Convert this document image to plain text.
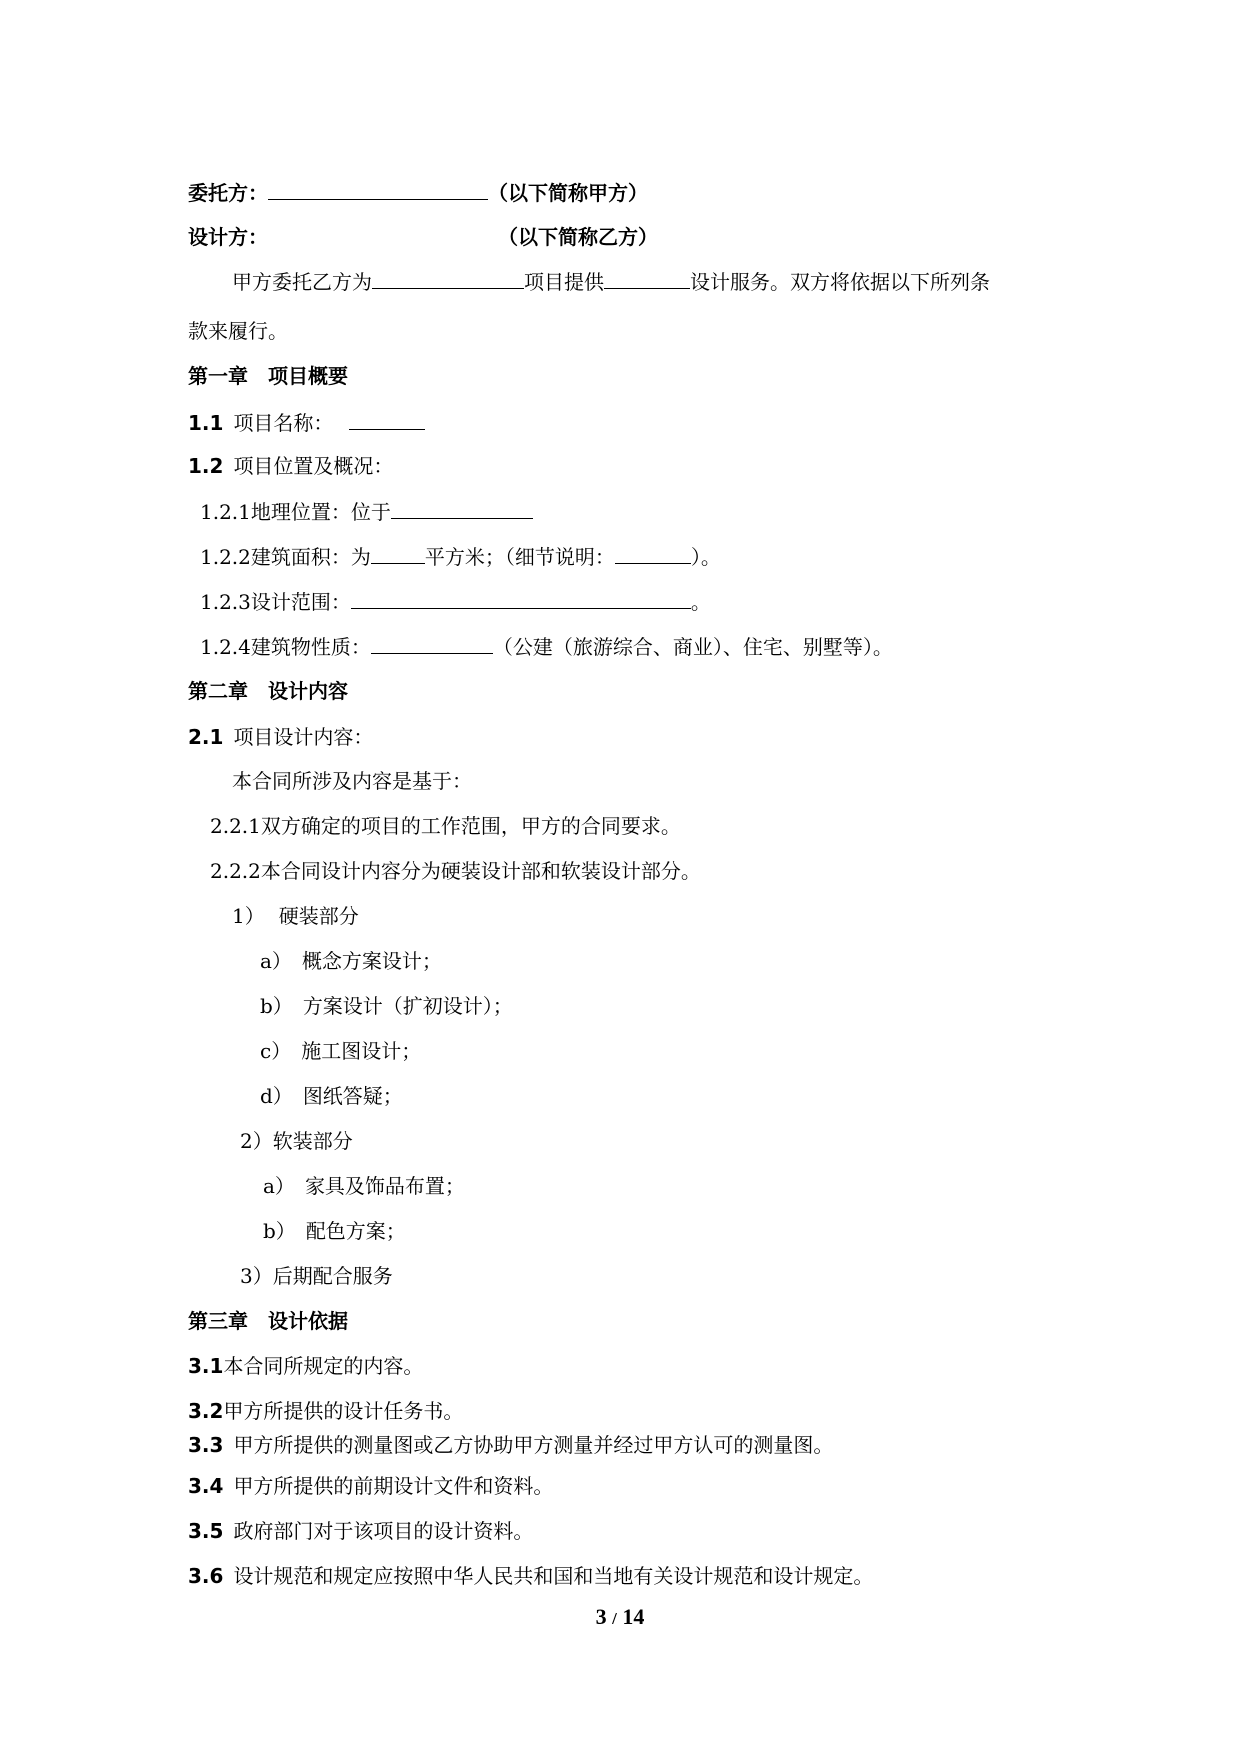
委托方：	（以下简称甲方）
设计方：	（以下简称乙方）
甲方委托乙方为	项目提供	设计服务。双方将依据以下所列条
款来履行。
第一章　项目概要
1.1 项目名称：
1.2 项目位置及概况：
1.2.1地理位置：位于
1.2.2建筑面积：为	平方米；（细节说明：	）。
1.2.3设计范围：	。
1.2.4建筑物性质：	（公建（旅游综合、商业）、住宅、别墅等）。
第二章　设计内容
2.1 项目设计内容：
本合同所涉及内容是基于：
2.2.1双方确定的项目的工作范围，甲方的合同要求。
2.2.2本合同设计内容分为硬装设计部和软装设计部分。
1） 硬装部分
a） 概念方案设计；
b） 方案设计（扩初设计）；
c） 施工图设计；
d） 图纸答疑；
2）软装部分
a） 家具及饰品布置；
b） 配色方案；
3）后期配合服务
第三章　设计依据
3.1本合同所规定的内容。
3.2甲方所提供的设计任务书。
3.3 甲方所提供的测量图或乙方协助甲方测量并经过甲方认可的测量图。
3.4 甲方所提供的前期设计文件和资料。
3.5 政府部门对于该项目的设计资料。
3.6 设计规范和规定应按照中华人民共和国和当地有关设计规范和设计规定。
3 / 14
